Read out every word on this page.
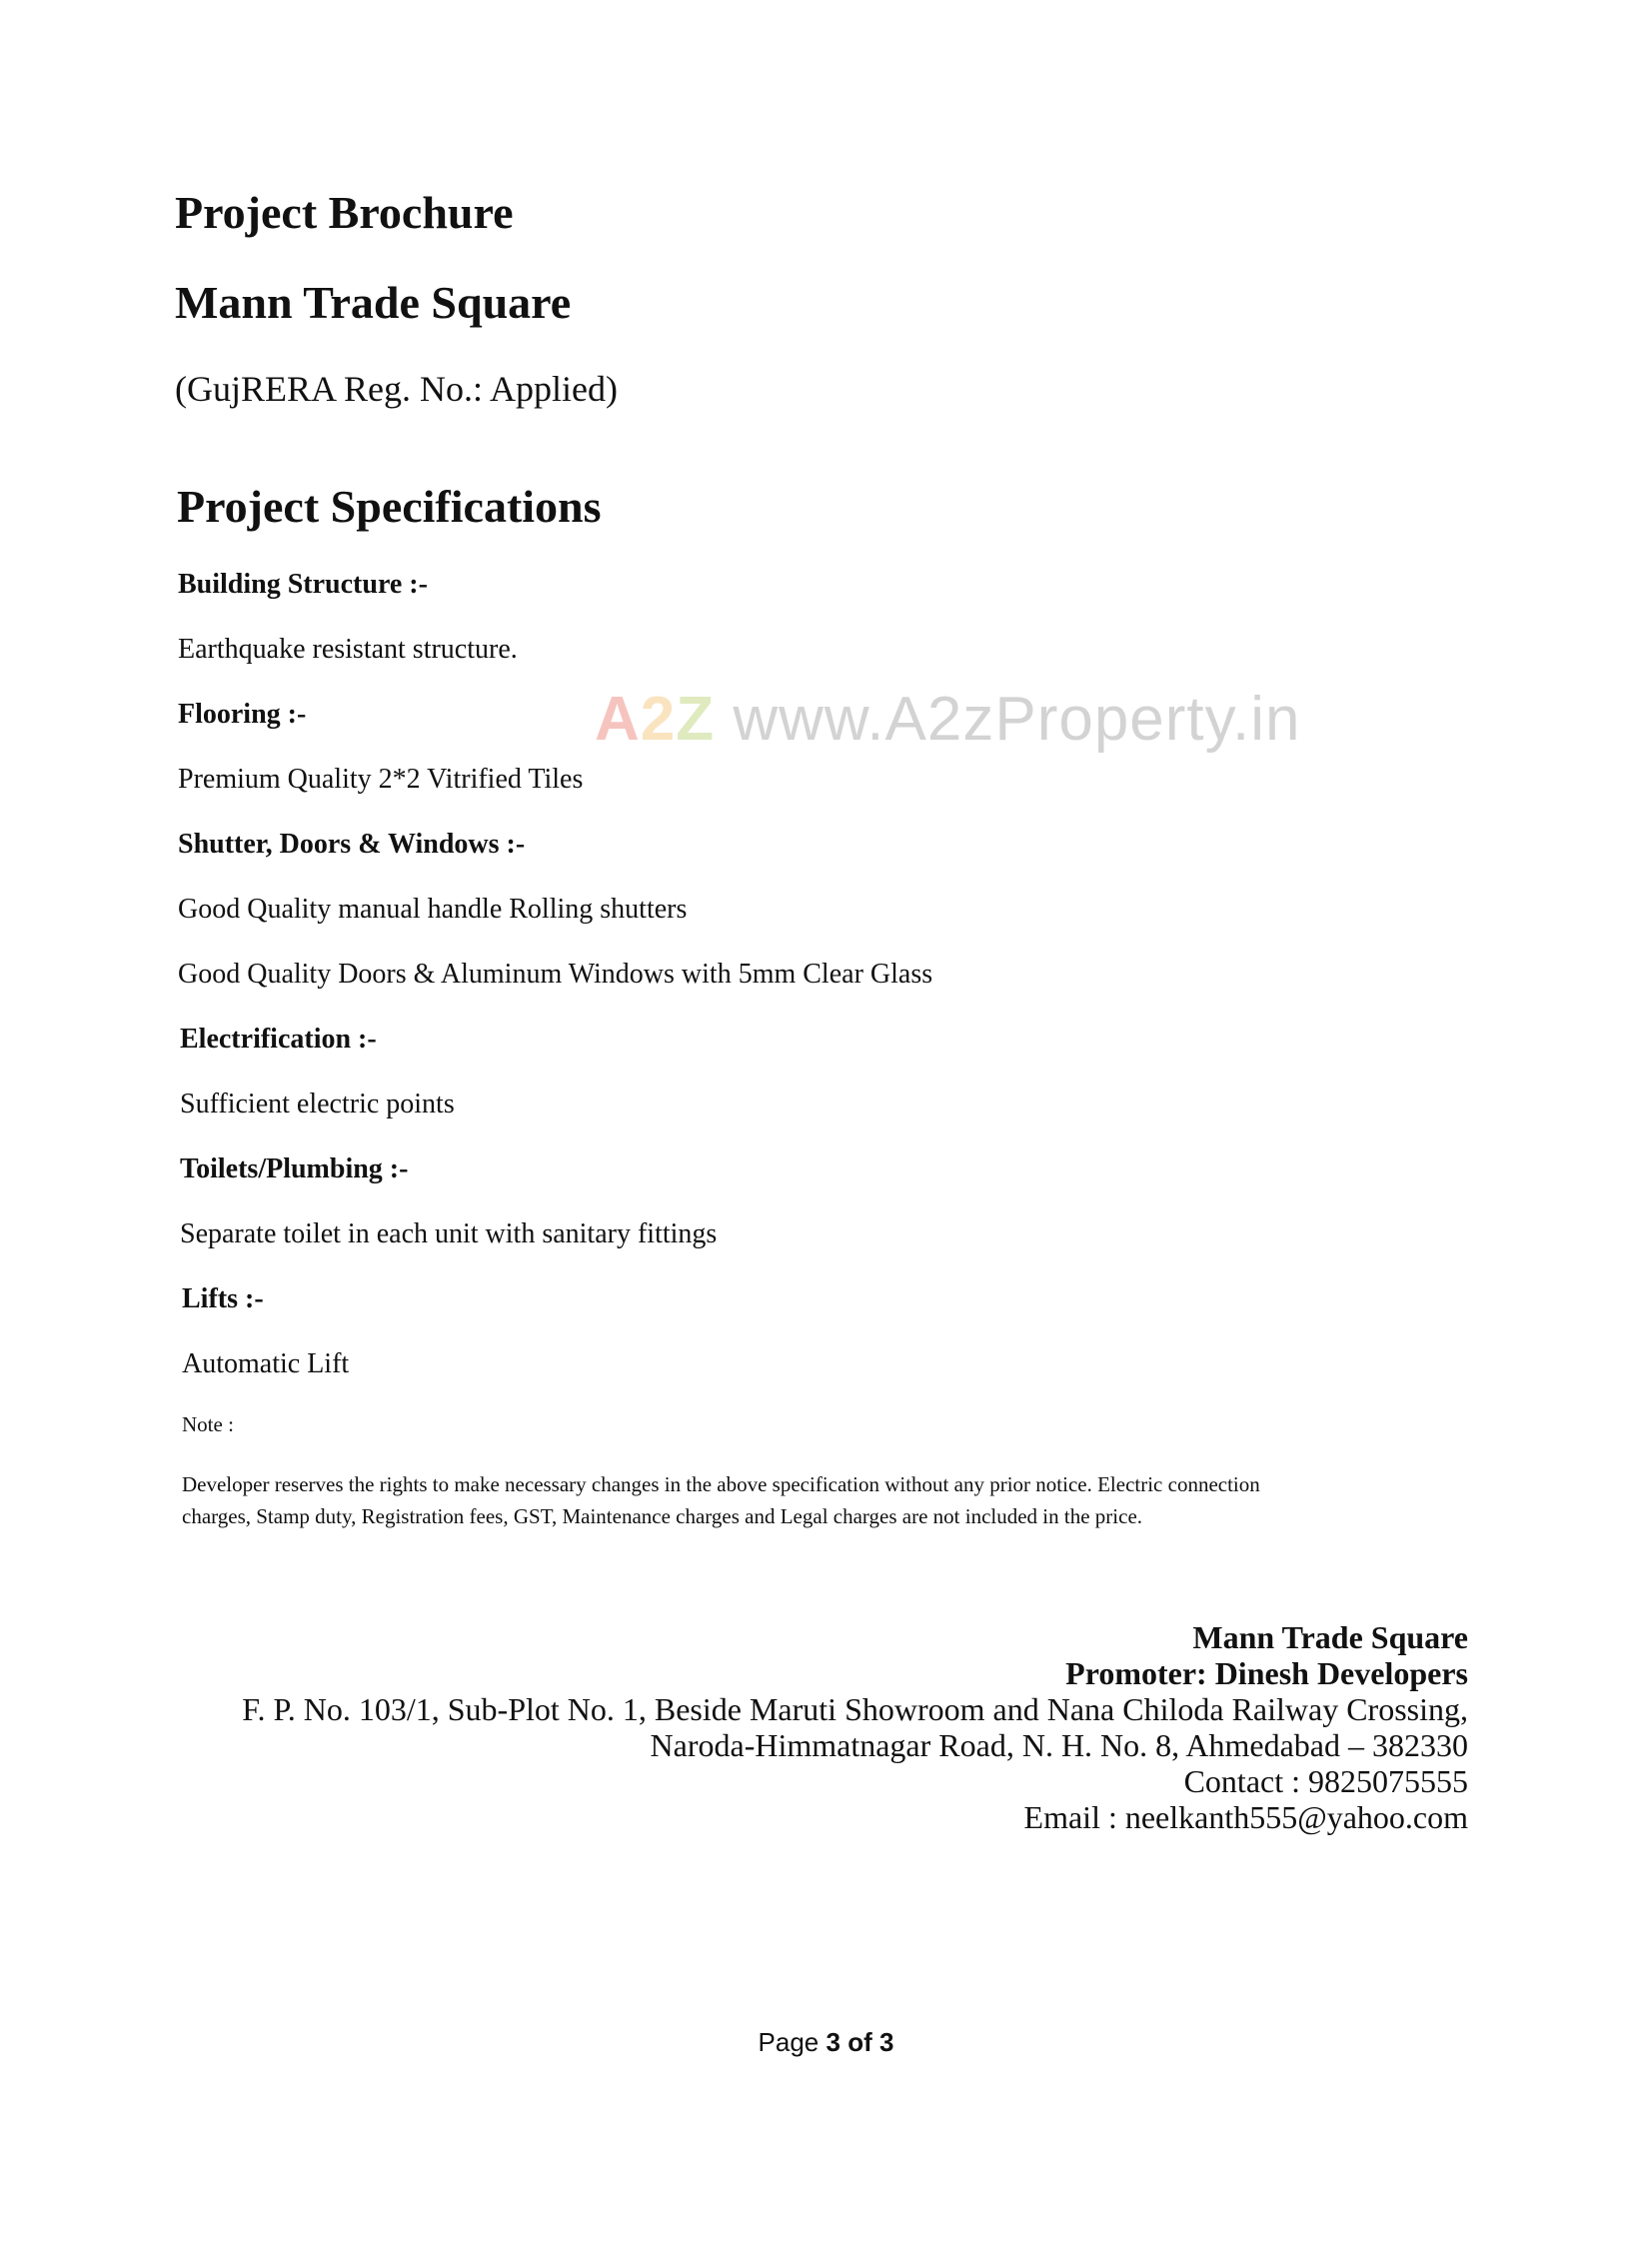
Project Brochure
Mann Trade Square
(GujRERA Reg. No.: Applied)
Project Specifications
Building Structure :-
Earthquake resistant structure.
Flooring :-
Premium Quality 2*2 Vitrified Tiles
Shutter, Doors & Windows :-
Good Quality manual handle Rolling shutters
Good Quality Doors & Aluminum Windows with 5mm Clear Glass
Electrification :-
Sufficient electric points
Toilets/Plumbing :-
Separate toilet in each unit with sanitary fittings
Lifts :-
Automatic Lift
Note :
Developer reserves the rights to make necessary changes in the above specification without any prior notice. Electric connection
charges, Stamp duty, Registration fees, GST, Maintenance charges and Legal charges are not included in the price.
A2Z www.A2zProperty.in
Mann Trade Square
Promoter: Dinesh Developers
F. P. No. 103/1, Sub-Plot No. 1, Beside Maruti Showroom and Nana Chiloda Railway Crossing,
Naroda-Himmatnagar Road, N. H. No. 8, Ahmedabad – 382330
Contact : 9825075555
Email : neelkanth555@yahoo.com
Page 3 of 3
